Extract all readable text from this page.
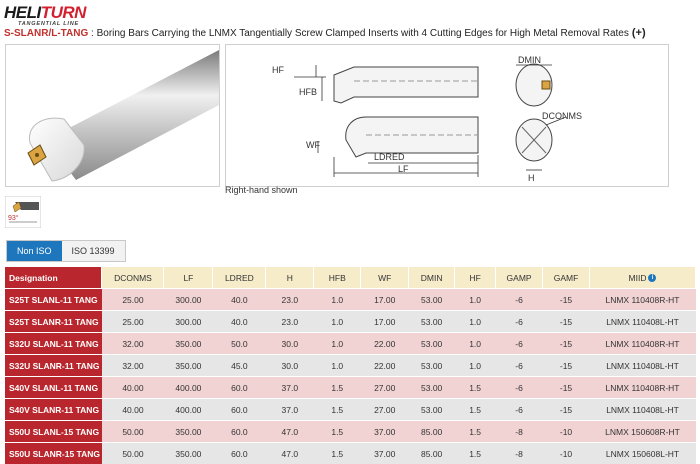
HELITURN
TANGENTIAL LINE
S-SLANR/L-TANG : Boring Bars Carrying the LNMX Tangentially Screw Clamped Inserts with 4 Cutting Edges for High Metal Removal Rates (+)
HF
HFB
WF
LDRED
LF
DMIN
DCONMS
H
Right-hand shown
93°
Non ISO	ISO 13399
Designation	DCONMS	LF	LDRED	H	HFB	WF	DMIN	HF	GAMP	GAMF	MIID i
S25T SLANL-11 TANG	25.00	300.00	40.0	23.0	1.0	17.00	53.00	1.0	-6	-15	LNMX 110408R-HT
S25T SLANR-11 TANG	25.00	300.00	40.0	23.0	1.0	17.00	53.00	1.0	-6	-15	LNMX 110408L-HT
S32U SLANL-11 TANG	32.00	350.00	50.0	30.0	1.0	22.00	53.00	1.0	-6	-15	LNMX 110408R-HT
S32U SLANR-11 TANG	32.00	350.00	45.0	30.0	1.0	22.00	53.00	1.0	-6	-15	LNMX 110408L-HT
S40V SLANL-11 TANG	40.00	400.00	60.0	37.0	1.5	27.00	53.00	1.5	-6	-15	LNMX 110408R-HT
S40V SLANR-11 TANG	40.00	400.00	60.0	37.0	1.5	27.00	53.00	1.5	-6	-15	LNMX 110408L-HT
S50U SLANL-15 TANG	50.00	350.00	60.0	47.0	1.5	37.00	85.00	1.5	-8	-10	LNMX 150608R-HT
S50U SLANR-15 TANG	50.00	350.00	60.0	47.0	1.5	37.00	85.00	1.5	-8	-10	LNMX 150608L-HT
